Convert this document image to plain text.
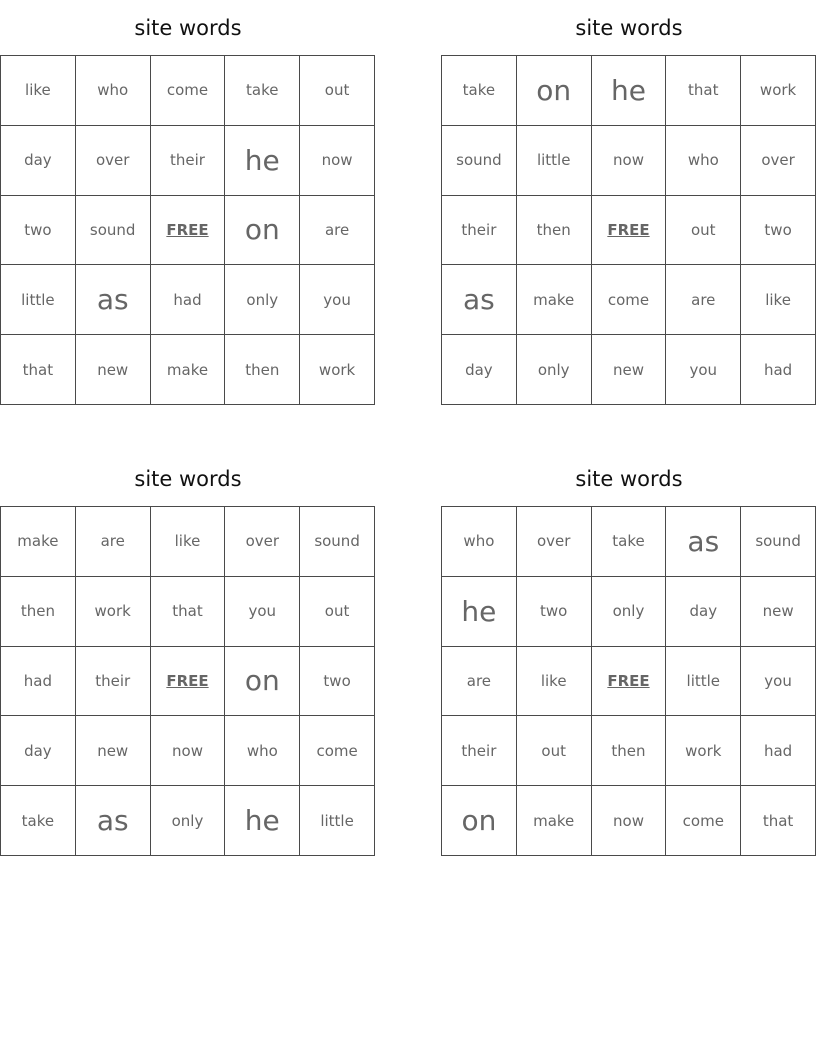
site words
like	who	come	take	out
day	over	their	he	now
two	sound	FREE	on	are
little	as	had	only	you
that	new	make	then	work
site words
take	on	he	that	work
sound	little	now	who	over
their	then	FREE	out	two
as	make	come	are	like
day	only	new	you	had
site words
make	are	like	over	sound
then	work	that	you	out
had	their	FREE	on	two
day	new	now	who	come
take	as	only	he	little
site words
who	over	take	as	sound
he	two	only	day	new
are	like	FREE	little	you
their	out	then	work	had
on	make	now	come	that
